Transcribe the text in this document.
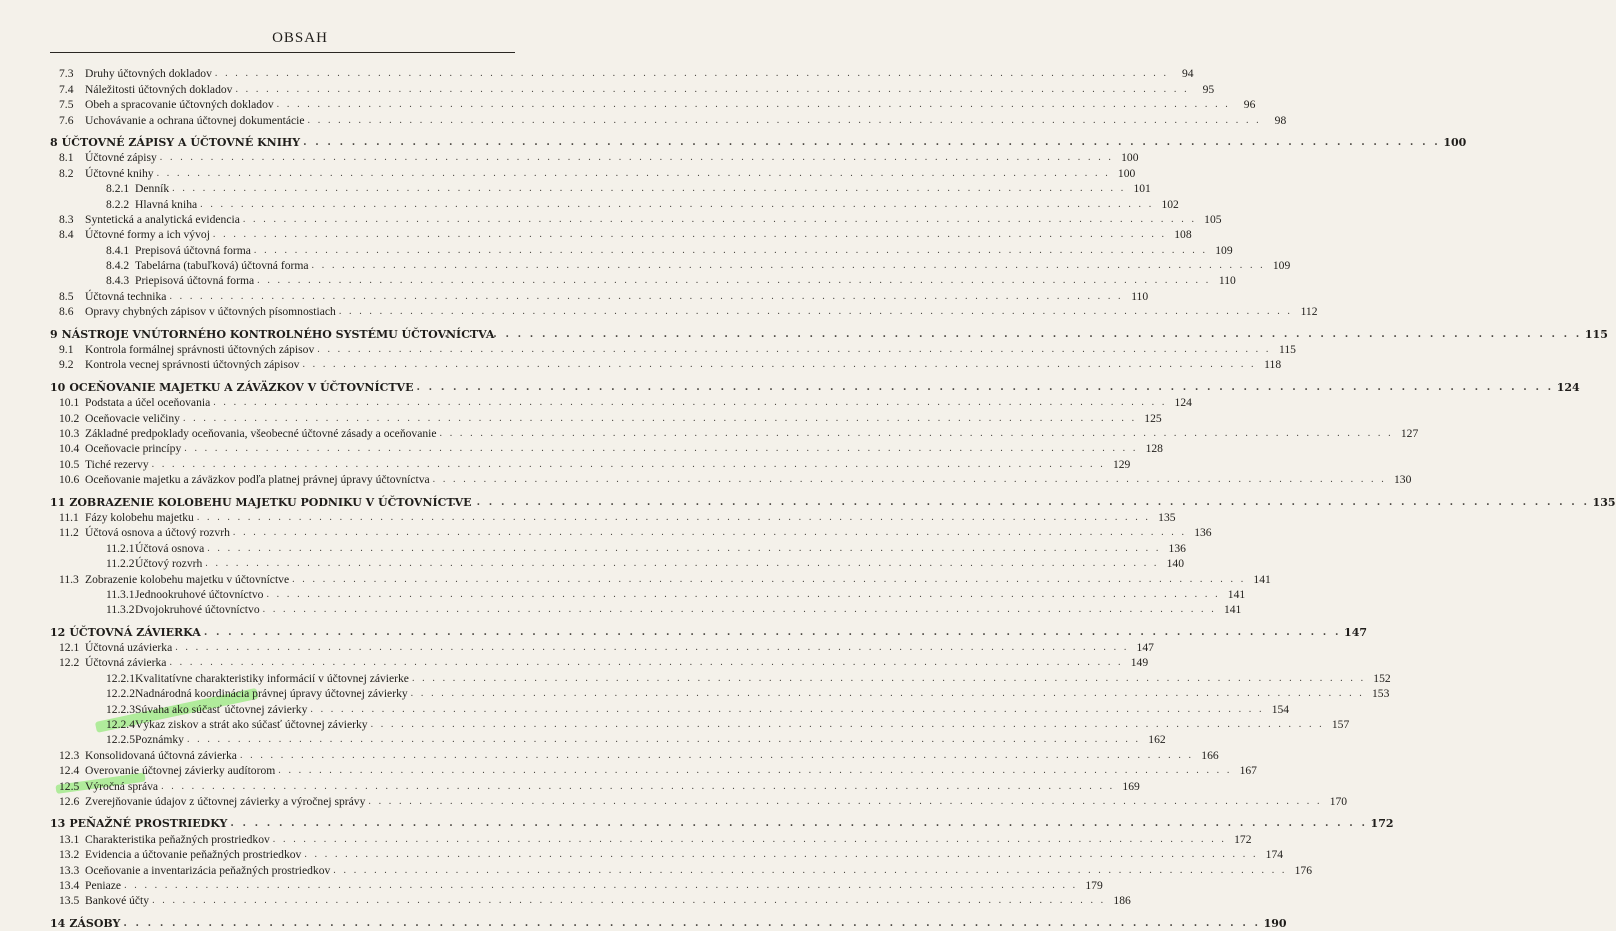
OBSAH
7.3 Druhy účtovných dokladov . . .	94
7.4 Náležitosti účtovných dokladov . . .	95
7.5 Obeh a spracovanie účtovných dokladov . . .	96
7.6 Uchovávanie a ochrana účtovnej dokumentácie . . .	98
8 ÚČTOVNÉ ZÁPISY A ÚČTOVNÉ KNIHY . . .	100
8.1 Účtovné zápisy . . .	100
8.2 Účtovné knihy . . .	100
8.2.1 Denník . . .	101
8.2.2 Hlavná kniha . . .	102
8.3 Syntetická a analytická evidencia . . .	105
8.4 Účtovné formy a ich vývoj . . .	108
8.4.1 Prepisová účtovná forma . . .	109
8.4.2 Tabelárna (tabuľková) účtovná forma . . .	109
8.4.3 Priepisová účtovná forma . . .	110
8.5 Účtovná technika . . .	110
8.6 Opravy chybných zápisov v účtovných písomnostiach . . .	112
9 NÁSTROJE VNÚTORNÉHO KONTROLNÉHO SYSTÉMU ÚČTOVNÍCTVA . . .	115
9.1 Kontrola formálnej správnosti účtovných zápisov . . .	115
9.2 Kontrola vecnej správnosti účtovných zápisov . . .	118
10 OCEŇOVANIE MAJETKU A ZÁVÄZKOV V ÚČTOVNÍCTVE . . .	124
10.1 Podstata a účel oceňovania . . .	124
10.2 Oceňovacie veličiny . . .	125
10.3 Základné predpoklady oceňovania, všeobecné účtovné zásady a oceňovanie . . .	127
10.4 Oceňovacie princípy . . .	128
10.5 Tiché rezervy . . .	129
10.6 Oceňovanie majetku a záväzkov podľa platnej právnej úpravy účtovníctva . . .	130
11 ZOBRAZENIE KOLOBEHU MAJETKU PODNIKU V ÚČTOVNÍCTVE . . .	135
11.1 Fázy kolobehu majetku . . .	135
11.2 Účtová osnova a účtový rozvrh . . .	136
11.2.1 Účtová osnova . . .	136
11.2.2 Účtový rozvrh . . .	140
11.3 Zobrazenie kolobehu majetku v účtovníctve . . .	141
11.3.1 Jednookruhové účtovníctvo . . .	141
11.3.2 Dvojokruhové účtovníctvo . . .	141
12 ÚČTOVNÁ ZÁVIERKA . . .	147
12.1 Účtovná uzávierka . . .	147
12.2 Účtovná závierka . . .	149
12.2.1 Kvalitatívne charakteristiky informácií v účtovnej závierke . . .	152
12.2.2 Nadnárodná koordinácia právnej úpravy účtovnej závierky . . .	153
12.2.3 Súvaha ako súčasť účtovnej závierky . . .	154
12.2.4 Výkaz ziskov a strát ako súčasť účtovnej závierky . . .	157
12.2.5 Poznámky . . .	162
12.3 Konsolidovaná účtovná závierka . . .	166
12.4 Overovanie účtovnej závierky audítorom . . .	167
12.5 Výročná správa . . .	169
12.6 Zverejňovanie údajov z účtovnej závierky a výročnej správy . . .	170
13 PEŇAŽNÉ PROSTRIEDKY . . .	172
13.1 Charakteristika peňažných prostriedkov . . .	172
13.2 Evidencia a účtovanie peňažných prostriedkov . . .	174
13.3 Oceňovanie a inventarizácia peňažných prostriedkov . . .	176
13.4 Peniaze . . .	179
13.5 Bankové účty . . .	186
14 ZÁSOBY . . .	190
